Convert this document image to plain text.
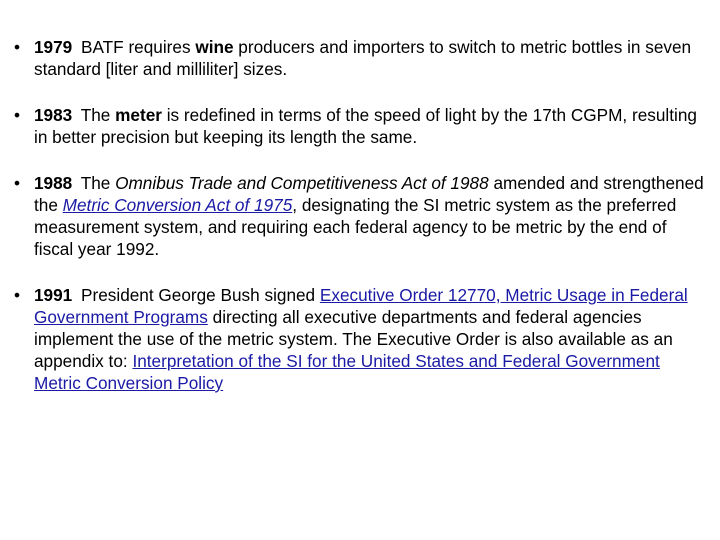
• 1979 BATF requires wine producers and importers to switch to metric bottles in seven standard [liter and milliliter] sizes.
• 1983 The meter is redefined in terms of the speed of light by the 17th CGPM, resulting in better precision but keeping its length the same.
• 1988 The Omnibus Trade and Competitiveness Act of 1988 amended and strengthened the Metric Conversion Act of 1975, designating the SI metric system as the preferred measurement system, and requiring each federal agency to be metric by the end of fiscal year 1992.
• 1991 President George Bush signed Executive Order 12770, Metric Usage in Federal Government Programs directing all executive departments and federal agencies implement the use of the metric system. The Executive Order is also available as an appendix to: Interpretation of the SI for the United States and Federal Government Metric Conversion Policy
